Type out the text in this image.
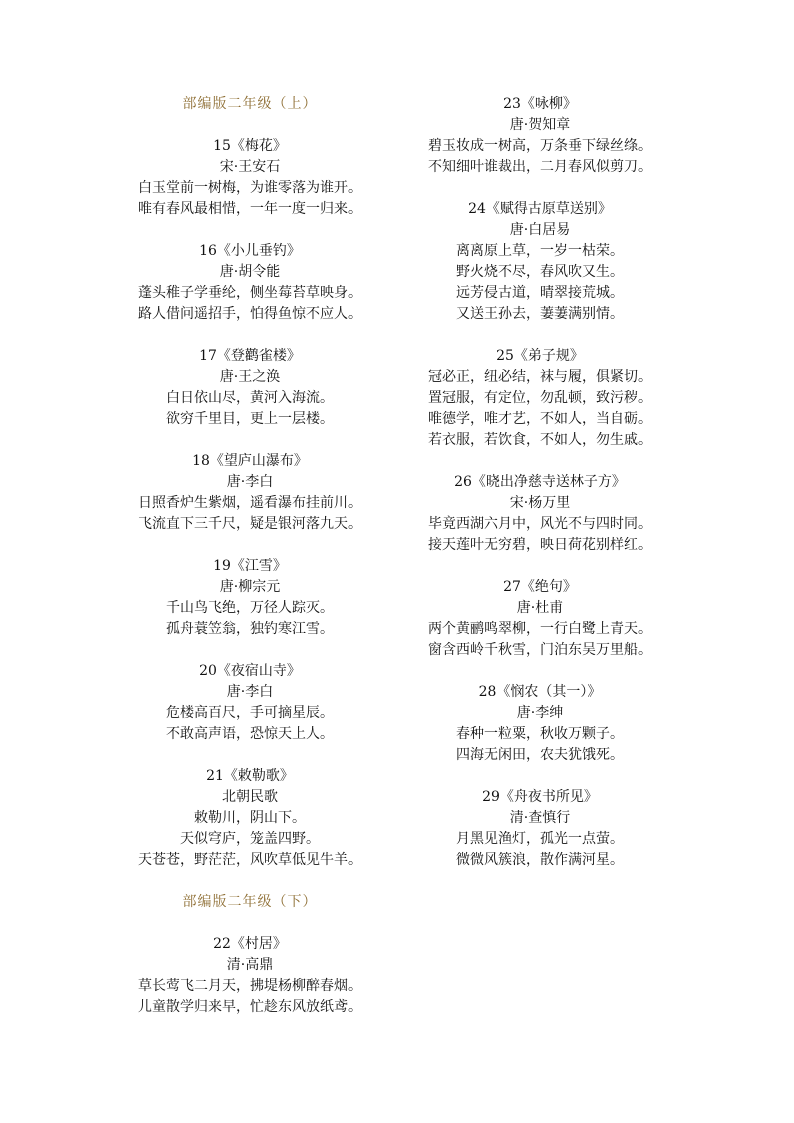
部编版二年级（上）

15《梅花》

宋·王安石

白玉堂前一树梅，为谁零落为谁开。

唯有春风最相惜，一年一度一归来。

16《小儿垂钓》

唐·胡令能

蓬头稚子学垂纶，侧坐莓苔草映身。

路人借问遥招手，怕得鱼惊不应人。

17《登鹳雀楼》

唐·王之涣

白日依山尽，黄河入海流。

欲穷千里目，更上一层楼。

18《望庐山瀑布》

唐·李白

日照香炉生紫烟，遥看瀑布挂前川。

飞流直下三千尺，疑是银河落九天。

19《江雪》

唐·柳宗元

千山鸟飞绝，万径人踪灭。

孤舟蓑笠翁，独钓寒江雪。

20《夜宿山寺》

唐·李白

危楼高百尺，手可摘星辰。

不敢高声语，恐惊天上人。

21《敕勒歌》

北朝民歌

敕勒川，阴山下。

天似穹庐，笼盖四野。

天苍苍，野茫茫，风吹草低见牛羊。

部编版二年级（下）

22《村居》

清·高鼎

草长莺飞二月天，拂堤杨柳醉春烟。

儿童散学归来早，忙趁东风放纸鸢。

23《咏柳》

唐·贺知章

碧玉妆成一树高，万条垂下绿丝绦。

不知细叶谁裁出，二月春风似剪刀。

24《赋得古原草送别》

唐·白居易

离离原上草，一岁一枯荣。

野火烧不尽，春风吹又生。

远芳侵古道，晴翠接荒城。

又送王孙去，萋萋满别情。

25《弟子规》

冠必正，纽必结，袜与履，俱紧切。

置冠服，有定位，勿乱顿，致污秽。

唯德学，唯才艺，不如人，当自砺。

若衣服，若饮食，不如人，勿生戚。

26《晓出净慈寺送林子方》

宋·杨万里

毕竟西湖六月中，风光不与四时同。

接天莲叶无穷碧，映日荷花别样红。

27《绝句》

唐·杜甫

两个黄鹂鸣翠柳，一行白鹭上青天。

窗含西岭千秋雪，门泊东吴万里船。

28《悯农（其一）》

唐·李绅

春种一粒粟，秋收万颗子。

四海无闲田，农夫犹饿死。

29《舟夜书所见》

清·查慎行

月黑见渔灯，孤光一点萤。

微微风簇浪，散作满河星。
